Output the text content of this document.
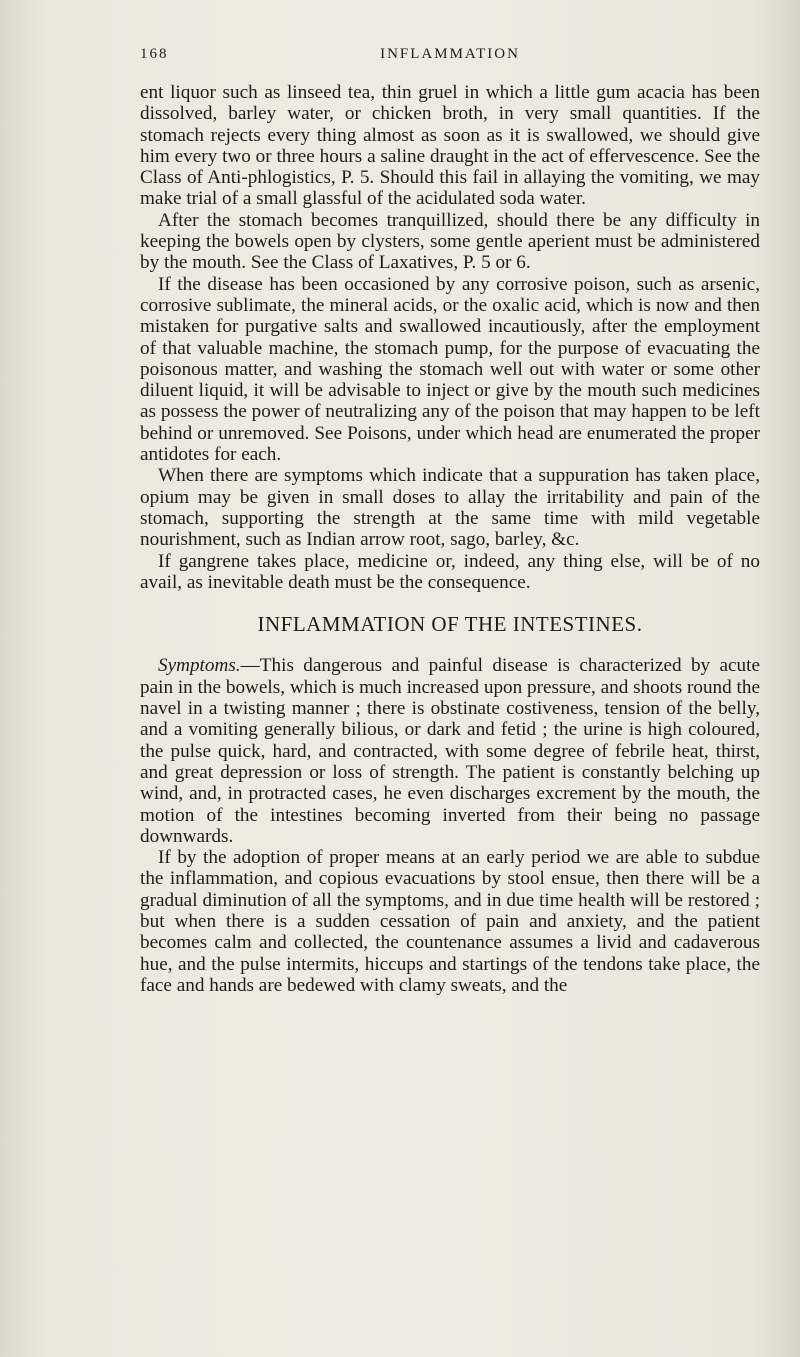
168	INFLAMMATION

ent liquor such as linseed tea, thin gruel in which a little gum acacia has been dissolved, barley water, or chicken broth, in very small quantities. If the stomach rejects every thing almost as soon as it is swallowed, we should give him every two or three hours a saline draught in the act of effervescence. See the Class of Anti-phlogistics, P. 5. Should this fail in allaying the vomiting, we may make trial of a small glassful of the acidulated soda water.

After the stomach becomes tranquillized, should there be any difficulty in keeping the bowels open by clysters, some gentle aperient must be administered by the mouth. See the Class of Laxatives, P. 5 or 6.

If the disease has been occasioned by any corrosive poison, such as arsenic, corrosive sublimate, the mineral acids, or the oxalic acid, which is now and then mistaken for purgative salts and swallowed incautiously, after the employment of that valuable machine, the stomach pump, for the purpose of evacuating the poisonous matter, and washing the stomach well out with water or some other diluent liquid, it will be advisable to inject or give by the mouth such medicines as possess the power of neutralizing any of the poison that may happen to be left behind or unremoved. See Poisons, under which head are enumerated the proper antidotes for each.

When there are symptoms which indicate that a suppuration has taken place, opium may be given in small doses to allay the irritability and pain of the stomach, supporting the strength at the same time with mild vegetable nourishment, such as Indian arrow root, sago, barley, &c.

If gangrene takes place, medicine or, indeed, any thing else, will be of no avail, as inevitable death must be the consequence.

INFLAMMATION OF THE INTESTINES.

Symptoms.—This dangerous and painful disease is characterized by acute pain in the bowels, which is much increased upon pressure, and shoots round the navel in a twisting manner ; there is obstinate costiveness, tension of the belly, and a vomiting generally bilious, or dark and fetid ; the urine is high coloured, the pulse quick, hard, and contracted, with some degree of febrile heat, thirst, and great depression or loss of strength. The patient is constantly belching up wind, and, in protracted cases, he even discharges excrement by the mouth, the motion of the intestines becoming inverted from their being no passage downwards.

If by the adoption of proper means at an early period we are able to subdue the inflammation, and copious evacuations by stool ensue, then there will be a gradual diminution of all the symptoms, and in due time health will be restored ; but when there is a sudden cessation of pain and anxiety, and the patient becomes calm and collected, the countenance assumes a livid and cadaverous hue, and the pulse intermits, hiccups and startings of the tendons take place, the face and hands are bedewed with clamy sweats, and the
